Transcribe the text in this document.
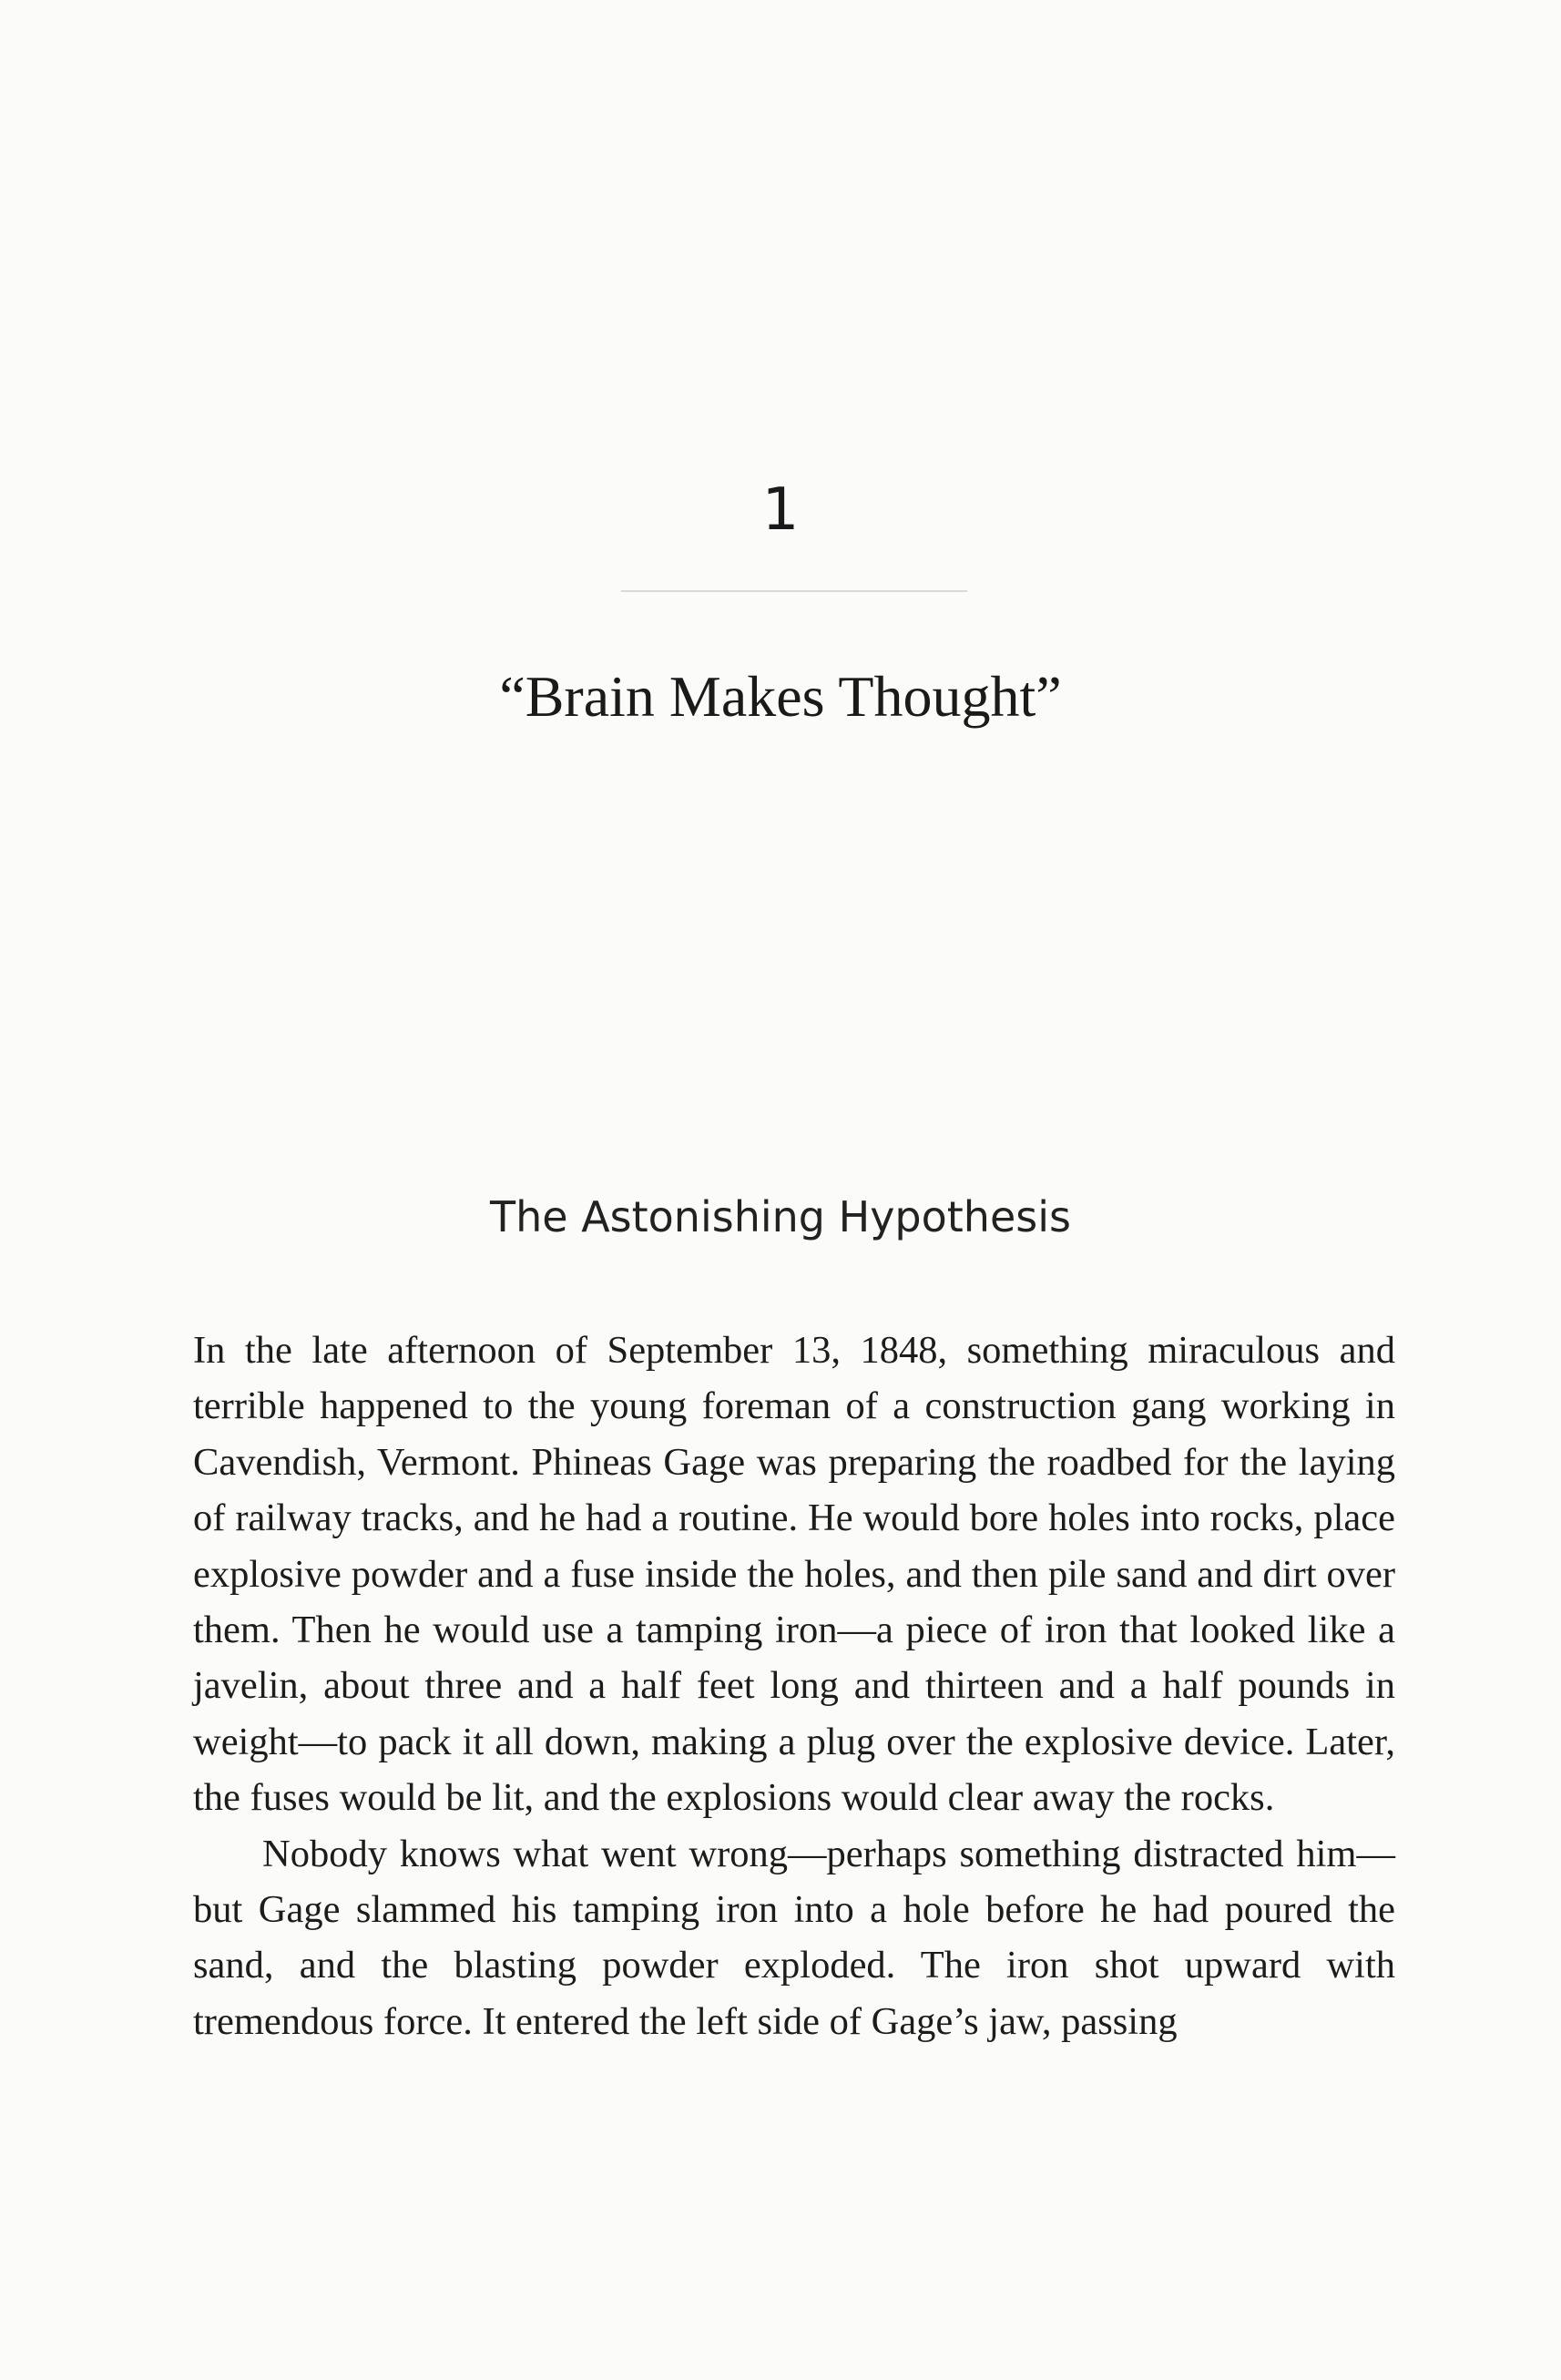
1
“Brain Makes Thought”
The Astonishing Hypothesis

In the late afternoon of September 13, 1848, something miraculous and terrible happened to the young foreman of a construction gang working in Cavendish, Vermont. Phineas Gage was preparing the roadbed for the laying of railway tracks, and he had a routine. He would bore holes into rocks, place explosive powder and a fuse inside the holes, and then pile sand and dirt over them. Then he would use a tamping iron—a piece of iron that looked like a javelin, about three and a half feet long and thirteen and a half pounds in weight—to pack it all down, making a plug over the explosive device. Later, the fuses would be lit, and the explosions would clear away the rocks.

Nobody knows what went wrong—perhaps something distracted him—but Gage slammed his tamping iron into a hole before he had poured the sand, and the blasting powder exploded. The iron shot upward with tremendous force. It entered the left side of Gage’s jaw, passing
